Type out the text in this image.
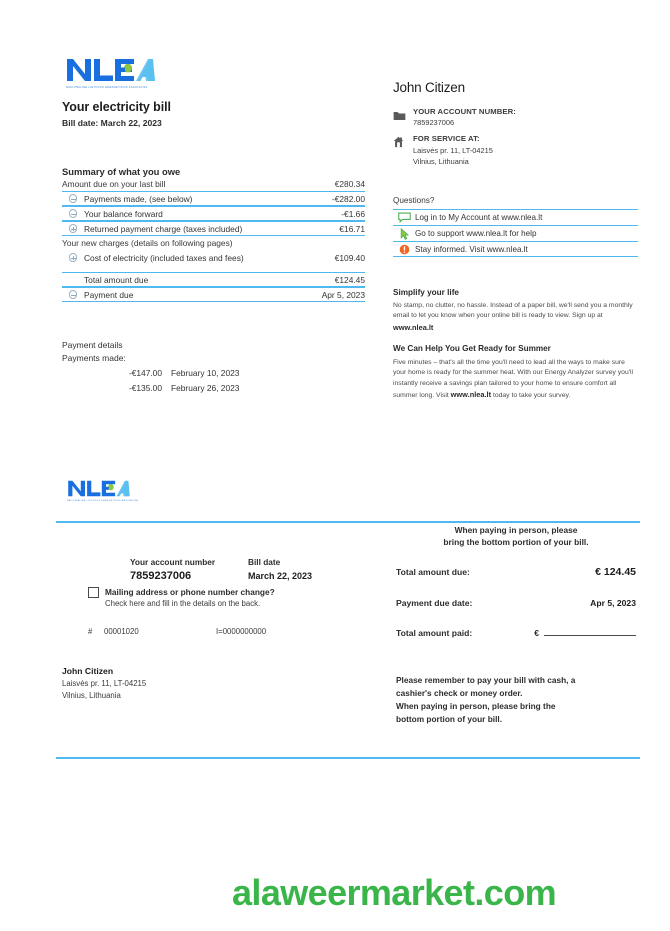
NACIONALINE LIETUVOS ENERGETIKOS ASOCIACIJA
Your electricity bill
Bill date: March 22, 2023
Summary of what you owe
Amount due on your last bill	€280.34
Payments made, (see below)	-€282.00
Your balance forward	-€1.66
Returned payment charge (taxes included)	€16.71
Your new charges (details on following pages)
Cost of electricity (included taxes and fees)	€109.40
Total amount due	€124.45
Payment due	Apr 5, 2023
Payment details
Payments made:
-€147.00 February 10, 2023
-€135.00 February 26, 2023
John Citizen
YOUR ACCOUNT NUMBER:
7859237006
FOR SERVICE AT:
Laisvės pr. 11, LT-04215
Vilnius, Lithuania
Questions?
Log in to My Account at www.nlea.lt
Go to support www.nlea.lt for help
Stay informed. Visit www.nlea.lt
Simplify your life
No stamp, no clutter, no hassle. Instead of a paper bill, we'll send you a monthly email to let you know when your online bill is ready to view. Sign up at www.nlea.lt
We Can Help You Get Ready for Summer
Five minutes – that's all the time you'll need to lead all the ways to make sure your home is ready for the summer heat. With our Energy Analyzer survey you'll instantly receive a savings plan tailored to your home to ensure comfort all summer long. Visit www.nlea.lt today to take your survey.
NACIONALINE LIETUVOS ENERGETIKOS ASOCIACIJA
Your account number
7859237006
Bill date
March 22, 2023
Mailing address or phone number change?
Check here and fill in the details on the back.
#	00001020	I=0000000000
John Citizen
Laisvės pr. 11, LT-04215
Vilnius, Lithuania
When paying in person, please
bring the bottom portion of your bill.
Total amount due:	€ 124.45
Payment due date:	Apr 5, 2023
Total amount paid:	€
Please remember to pay your bill with cash, a
cashier's check or money order.
When paying in person, please bring the
bottom portion of your bill.
alaweermarket.com
